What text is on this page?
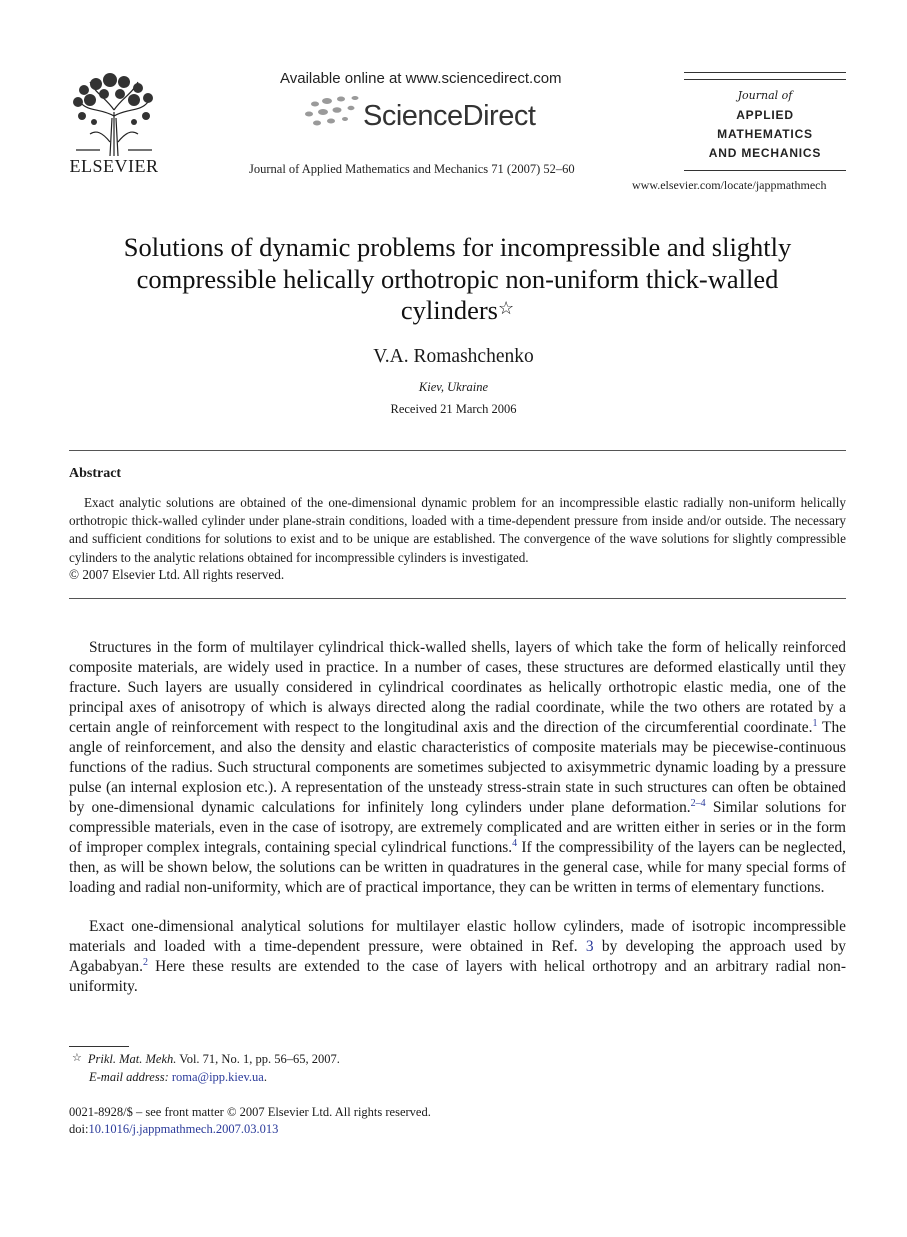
ELSEVIER
Available online at www.sciencedirect.com
ScienceDirect
Journal of Applied Mathematics and Mechanics 71 (2007) 52–60
Journal of
APPLIED
MATHEMATICS
AND MECHANICS
www.elsevier.com/locate/jappmathmech
Solutions of dynamic problems for incompressible and slightly
compressible helically orthotropic non-uniform thick-walled
cylinders☆
V.A. Romashchenko
Kiev, Ukraine
Received 21 March 2006
Abstract

Exact analytic solutions are obtained of the one-dimensional dynamic problem for an incompressible elastic radially non-uniform helically orthotropic thick-walled cylinder under plane-strain conditions, loaded with a time-dependent pressure from inside and/or outside. The necessary and sufficient conditions for solutions to exist and to be unique are established. The convergence of the wave solutions for slightly compressible cylinders to the analytic relations obtained for incompressible cylinders is investigated.

© 2007 Elsevier Ltd. All rights reserved.

Structures in the form of multilayer cylindrical thick-walled shells, layers of which take the form of helically reinforced composite materials, are widely used in practice. In a number of cases, these structures are deformed elastically until they fracture. Such layers are usually considered in cylindrical coordinates as helically orthotropic elastic media, one of the principal axes of anisotropy of which is always directed along the radial coordinate, while the two others are rotated by a certain angle of reinforcement with respect to the longitudinal axis and the direction of the circumferential coordinate.$^1$ The angle of reinforcement, and also the density and elastic characteristics of composite materials may be piecewise-continuous functions of the radius. Such structural components are sometimes subjected to axisymmetric dynamic loading by a pressure pulse (an internal explosion etc.). A representation of the unsteady stress-strain state in such structures can often be obtained by one-dimensional dynamic calculations for infinitely long cylinders under plane deformation.$^{2-4}$ Similar solutions for compressible materials, even in the case of isotropy, are extremely complicated and are written either in series or in the form of improper complex integrals, containing special cylindrical functions.$^4$ If the compressibility of the layers can be neglected, then, as will be shown below, the solutions can be written in quadratures in the general case, while for many special forms of loading and radial non-uniformity, which are of practical importance, they can be written in terms of elementary functions.

Exact one-dimensional analytical solutions for multilayer elastic hollow cylinders, made of isotropic incompressible materials and loaded with a time-dependent pressure, were obtained in Ref. 3 by developing the approach used by Agababyan.$^2$ Here these results are extended to the case of layers with helical orthotropy and an arbitrary radial non-uniformity.

☆ Prikl. Mat. Mekh. Vol. 71, No. 1, pp. 56–65, 2007.
E-mail address: roma@ipp.kiev.ua.
0021-8928/$ – see front matter © 2007 Elsevier Ltd. All rights reserved.
doi:10.1016/j.jappmathmech.2007.03.013
